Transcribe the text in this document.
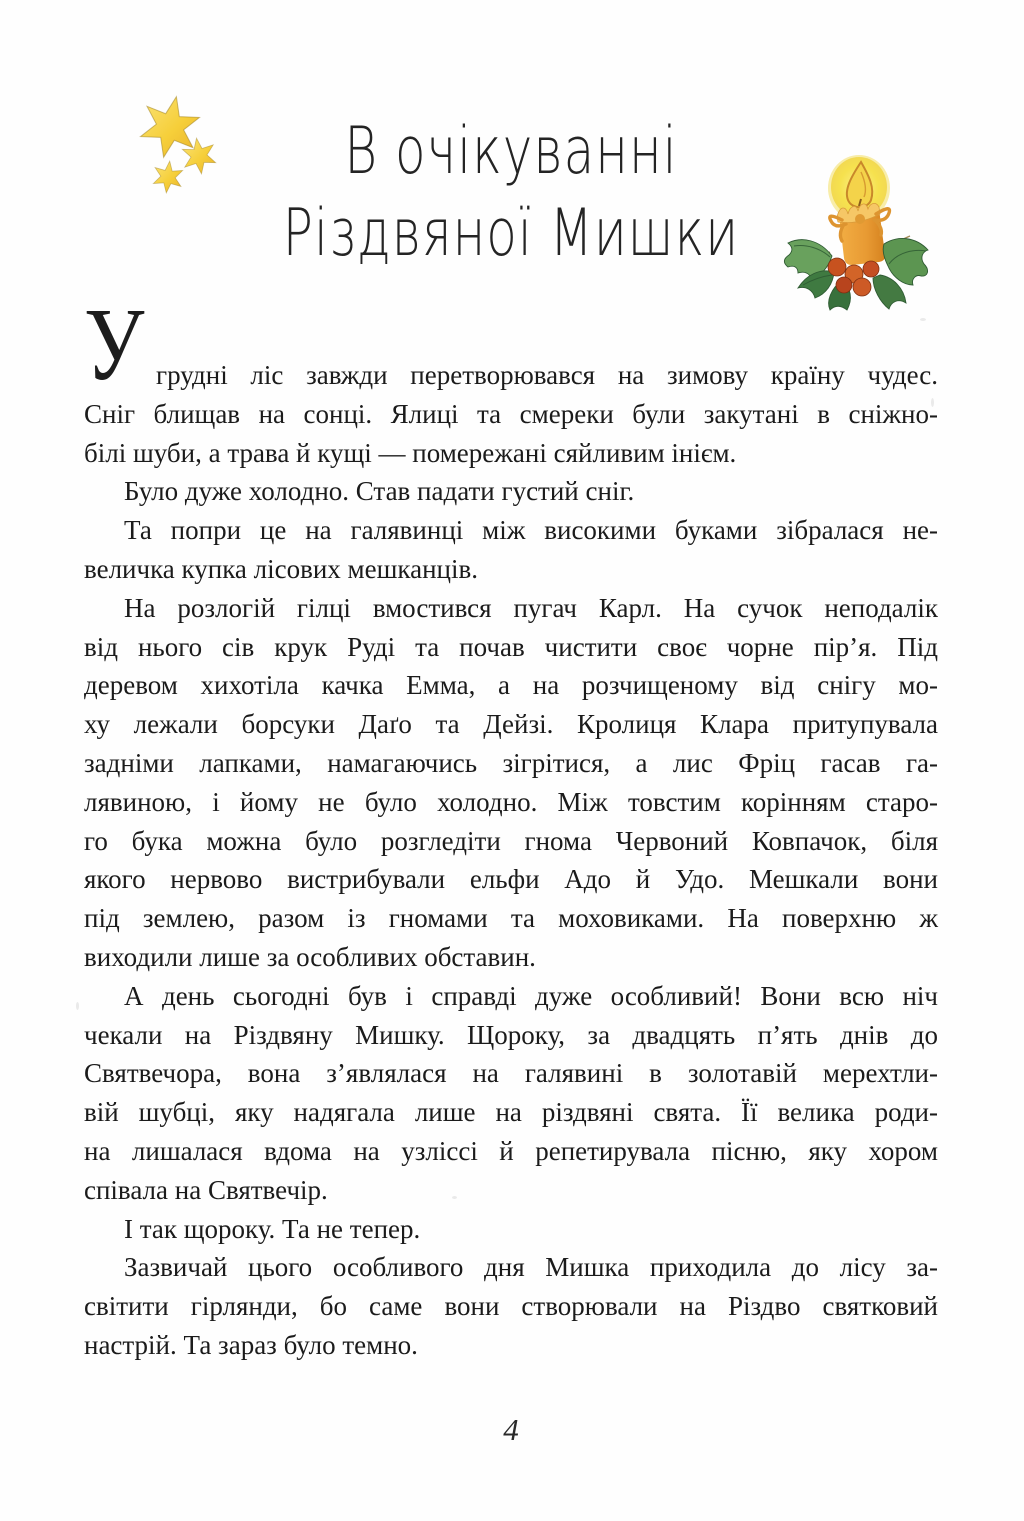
В очікуванні
Різдвяної Мишки
У грудні ліс завжди перетворювався на зимову країну чудес.
Сніг блищав на сонці. Ялиці та смереки були закутані в сніжно-
білі шуби, а трава й кущі — помережані сяйливим інієм.
Було дуже холодно. Став падати густий сніг.
Та попри це на галявинці між високими буками зібралася не-
величка купка лісових мешканців.
На розлогій гілці вмостився пугач Карл. На сучок неподалік
від нього сів крук Руді та почав чистити своє чорне пір’я. Під
деревом хихотіла качка Емма, а на розчищеному від снігу мо-
ху лежали борсуки Даґо та Дейзі. Кролиця Клара притупувала
задніми лапками, намагаючись зігрітися, а лис Фріц гасав га-
лявиною, і йому не було холодно. Між товстим корінням старо-
го бука можна було розгледіти гнома Червоний Ковпачок, біля
якого нервово вистрибували ельфи Адо й Удо. Мешкали вони
під землею, разом із гномами та моховиками. На поверхню ж
виходили лише за особливих обставин.
А день сьогодні був і справді дуже особливий! Вони всю ніч
чекали на Різдвяну Мишку. Щороку, за двадцять п’ять днів до
Святвечора, вона з’являлася на галявині в золотавій мерехтли-
вій шубці, яку надягала лише на різдвяні свята. Її велика роди-
на лишалася вдома на узліссі й репетирувала пісню, яку хором
співала на Святвечір.
І так щороку. Та не тепер.
Зазвичай цього особливого дня Мишка приходила до лісу за-
світити гірлянди, бо саме вони створювали на Різдво святковий
настрій. Та зараз було темно.
4
